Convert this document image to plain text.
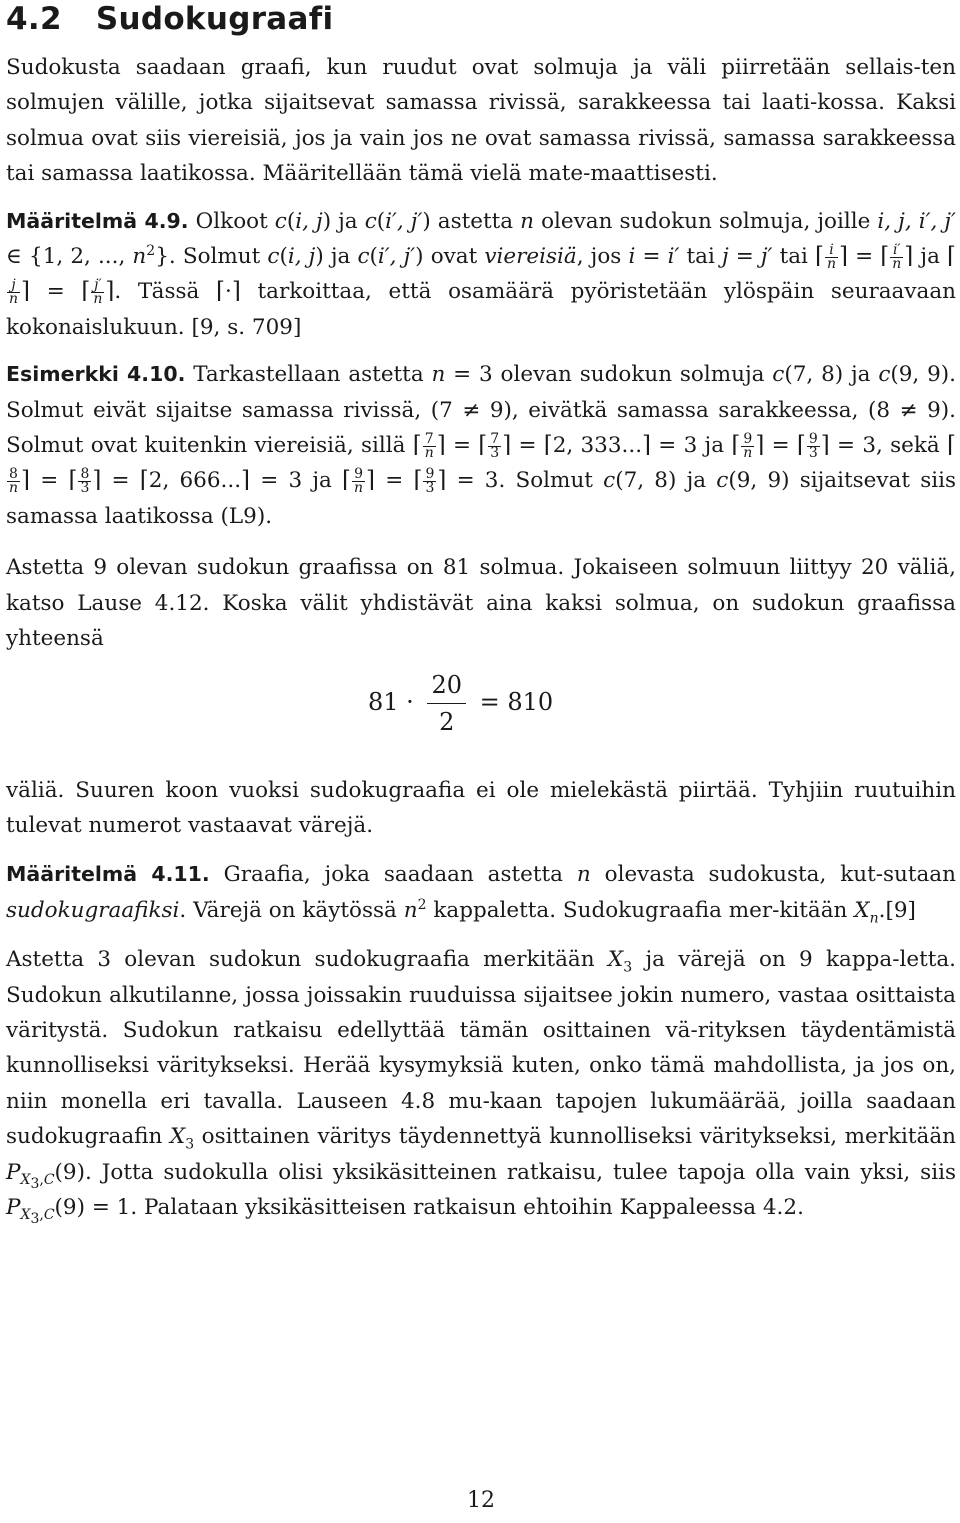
4.2 Sudokugraafi

Sudokusta saadaan graafi, kun ruudut ovat solmuja ja väli piirretään sellais-ten solmujen välille, jotka sijaitsevat samassa rivissä, sarakkeessa tai laati-kossa. Kaksi solmua ovat siis viereisiä, jos ja vain jos ne ovat samassa rivissä, samassa sarakkeessa tai samassa laatikossa. Määritellään tämä vielä mate-maattisesti.

Määritelmä 4.9. Olkoot c(i, j) ja c(i′, j′) astetta n olevan sudokun solmuja, joille i, j, i′, j′ ∈ {1, 2, ..., $n^2$}. Solmut c(i, j) ja c(i′, j′) ovat viereisiä, jos i = i′ tai j = j′ tai ⌈ $\frac{i}{n}$ ⌉ = ⌈ $\frac{i'}{n}$ ⌉ ja ⌈
$\frac{j}{n}$ ⌉ = ⌈ $\frac{j'}{n}$ ⌉. Tässä ⌈·⌉ tarkoittaa, että osamäärä pyöristetään ylöspäin seuraavaan kokonaislukuun. [9, s. 709]

Esimerkki 4.10. Tarkastellaan astetta n = 3 olevan sudokun solmuja c(7, 8) ja c(9, 9). Solmut eivät sijaitse samassa rivissä, (7 ≠ 9), eivätkä samassa sarakkeessa, (8 ≠ 9). Solmut ovat kuitenkin viereisiä, sillä ⌈ $\frac{7}{n}$ ⌉ = ⌈ $\frac{7}{3}$ ⌉ = ⌈2, 333...⌉ = 3 ja ⌈ $\frac{9}{n}$ ⌉ = ⌈ $\frac{9}{3}$ ⌉ = 3, sekä ⌈
$\frac{8}{n}$ ⌉ = ⌈ $\frac{8}{3}$ ⌉ = ⌈2, 666...⌉ = 3 ja ⌈ $\frac{9}{n}$ ⌉ = ⌈ $\frac{9}{3}$ ⌉ = 3. Solmut c(7, 8) ja c(9, 9) sijaitsevat siis samassa laatikossa (L9).

Astetta 9 olevan sudokun graafissa on 81 solmua. Jokaiseen solmuun liittyy 20 väliä, katso Lause 4.12. Koska välit yhdistävät aina kaksi solmua, on sudokun graafissa yhteensä

$81 \cdot \frac{20}{2} = 810$

väliä. Suuren koon vuoksi sudokugraafia ei ole mielekästä piirtää. Tyhjiin ruutuihin tulevat numerot vastaavat värejä.

Määritelmä 4.11. Graafia, joka saadaan astetta n olevasta sudokusta, kut-sutaan sudokugraafiksi. Värejä on käytössä $n^2$ kappaletta. Sudokugraafia mer-kitään $X_n.[9]$

Astetta 3 olevan sudokun sudokugraafia merkitään $X_3$ ja värejä on 9 kappa-letta. Sudokun alkutilanne, jossa joissakin ruuduissa sijaitsee jokin numero, vastaa osittaista väritystä. Sudokun ratkaisu edellyttää tämän osittainen vä-rityksen täydentämistä kunnolliseksi väritykseksi. Herää kysymyksiä kuten, onko tämä mahdollista, ja jos on, niin monella eri tavalla. Lauseen 4.8 mu-kaan tapojen lukumäärää, joilla saadaan sudokugraafin $X_3$ osittainen väritys täydennettyä kunnolliseksi väritykseksi, merkitään $P_{X_3,C}(9)$. Jotta sudokulla olisi yksikäsitteinen ratkaisu, tulee tapoja olla vain yksi, siis $P_{X_3,C}(9) = 1$. Palataan yksikäsitteisen ratkaisun ehtoihin Kappaleessa 4.2.

12
